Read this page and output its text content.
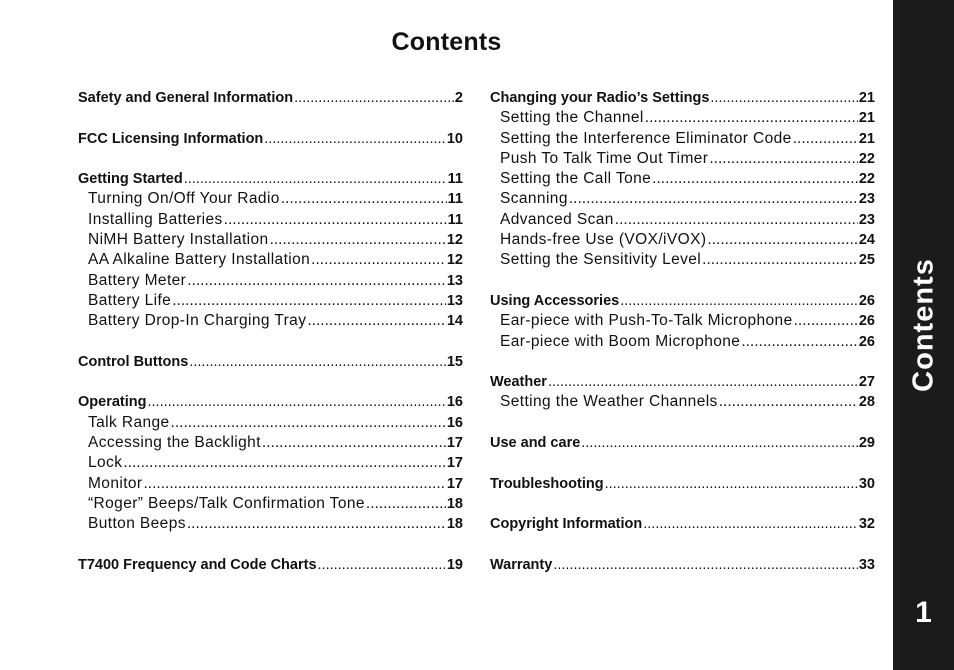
Contents
Safety and General Information .....	2
FCC Licensing Information .....	10
Getting Started .....	11
Turning On/Off Your Radio .....	11
Installing Batteries .....	11
NiMH Battery Installation .....	12
AA Alkaline Battery Installation .....	12
Battery Meter .....	13
Battery Life .....	13
Battery Drop-In Charging Tray .....	14
Control Buttons .....	15
Operating .....	16
Talk Range .....	16
Accessing the Backlight .....	17
Lock .....	17
Monitor .....	17
“Roger” Beeps/Talk Confirmation Tone .....	18
Button Beeps .....	18
T7400 Frequency and Code Charts .....	19
Changing your Radio’s Settings .....	21
Setting the Channel .....	21
Setting the Interference Eliminator Code .....	21
Push To Talk Time Out Timer .....	22
Setting the Call Tone .....	22
Scanning .....	23
Advanced Scan .....	23
Hands-free Use (VOX/iVOX) .....	24
Setting the Sensitivity Level .....	25
Using Accessories .....	26
Ear-piece with Push-To-Talk Microphone .....	26
Ear-piece with Boom Microphone .....	26
Weather .....	27
Setting the Weather Channels .....	28
Use and care .....	29
Troubleshooting .....	30
Copyright Information .....	32
Warranty .....	33
Contents
1
